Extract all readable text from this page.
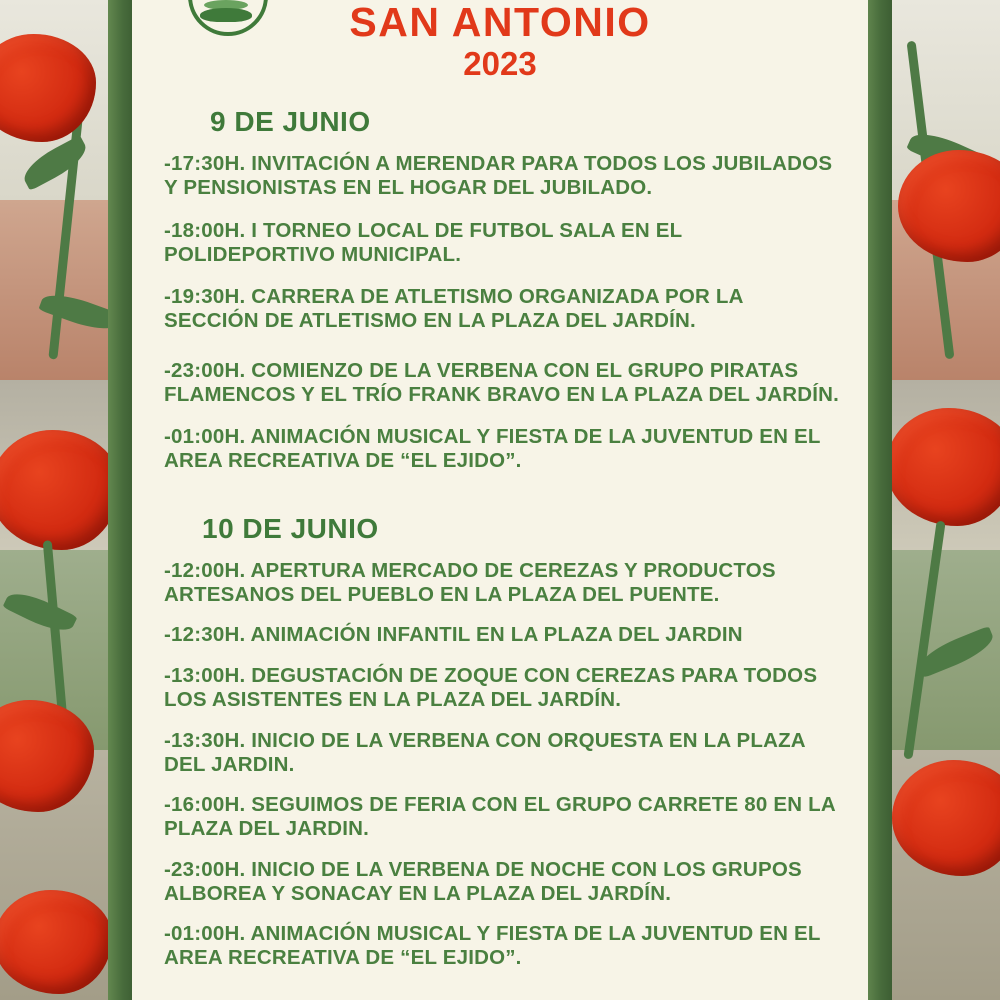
SAN ANTONIO
2023
9 DE JUNIO

-17:30H. INVITACIÓN A MERENDAR PARA TODOS LOS JUBILADOS Y PENSIONISTAS EN EL HOGAR DEL JUBILADO.

-18:00H. I TORNEO LOCAL DE FUTBOL SALA EN EL POLIDEPORTIVO MUNICIPAL.

-19:30H. CARRERA DE ATLETISMO ORGANIZADA POR LA SECCIÓN DE ATLETISMO EN LA PLAZA DEL JARDÍN.

-23:00H. COMIENZO DE LA VERBENA CON EL GRUPO PIRATAS FLAMENCOS Y EL TRÍO FRANK BRAVO EN LA PLAZA DEL JARDÍN.

-01:00H. ANIMACIÓN MUSICAL Y FIESTA DE LA JUVENTUD EN EL AREA RECREATIVA DE “EL EJIDO”.

10 DE JUNIO

-12:00H. APERTURA MERCADO DE CEREZAS Y PRODUCTOS ARTESANOS DEL PUEBLO EN LA PLAZA DEL PUENTE.

-12:30H. ANIMACIÓN INFANTIL EN LA PLAZA DEL JARDIN

-13:00H. DEGUSTACIÓN DE ZOQUE CON CEREZAS PARA TODOS LOS ASISTENTES EN LA PLAZA DEL JARDÍN.

-13:30H. INICIO DE LA VERBENA CON ORQUESTA EN LA PLAZA DEL JARDIN.

-16:00H. SEGUIMOS DE FERIA CON EL GRUPO CARRETE 80 EN LA PLAZA DEL JARDIN.

-23:00H. INICIO DE LA VERBENA DE NOCHE CON LOS GRUPOS ALBOREA Y SONACAY EN LA PLAZA DEL JARDÍN.

-01:00H. ANIMACIÓN MUSICAL Y FIESTA DE LA JUVENTUD EN EL AREA RECREATIVA DE “EL EJIDO”.
